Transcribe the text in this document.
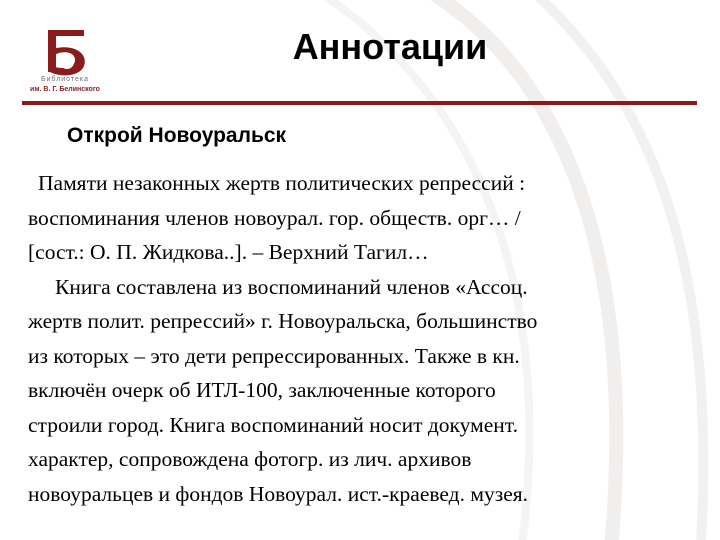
Библиотека
им. В. Г. Белинского
Аннотации
Открой Новоуральск
Памяти незаконных жертв политических репрессий :
воспоминания членов новоурал. гор. обществ. орг… /
[сост.: О. П. Жидкова..]. – Верхний Тагил…
Книга составлена из воспоминаний членов «Ассоц.
жертв полит. репрессий» г. Новоуральска, большинство
из которых – это дети репрессированных. Также в кн.
включён очерк об ИТЛ-100, заключенные которого
строили город. Книга воспоминаний носит документ.
характер, сопровождена фотогр. из лич. архивов
новоуральцев и фондов Новоурал. ист.-краевед. музея.
